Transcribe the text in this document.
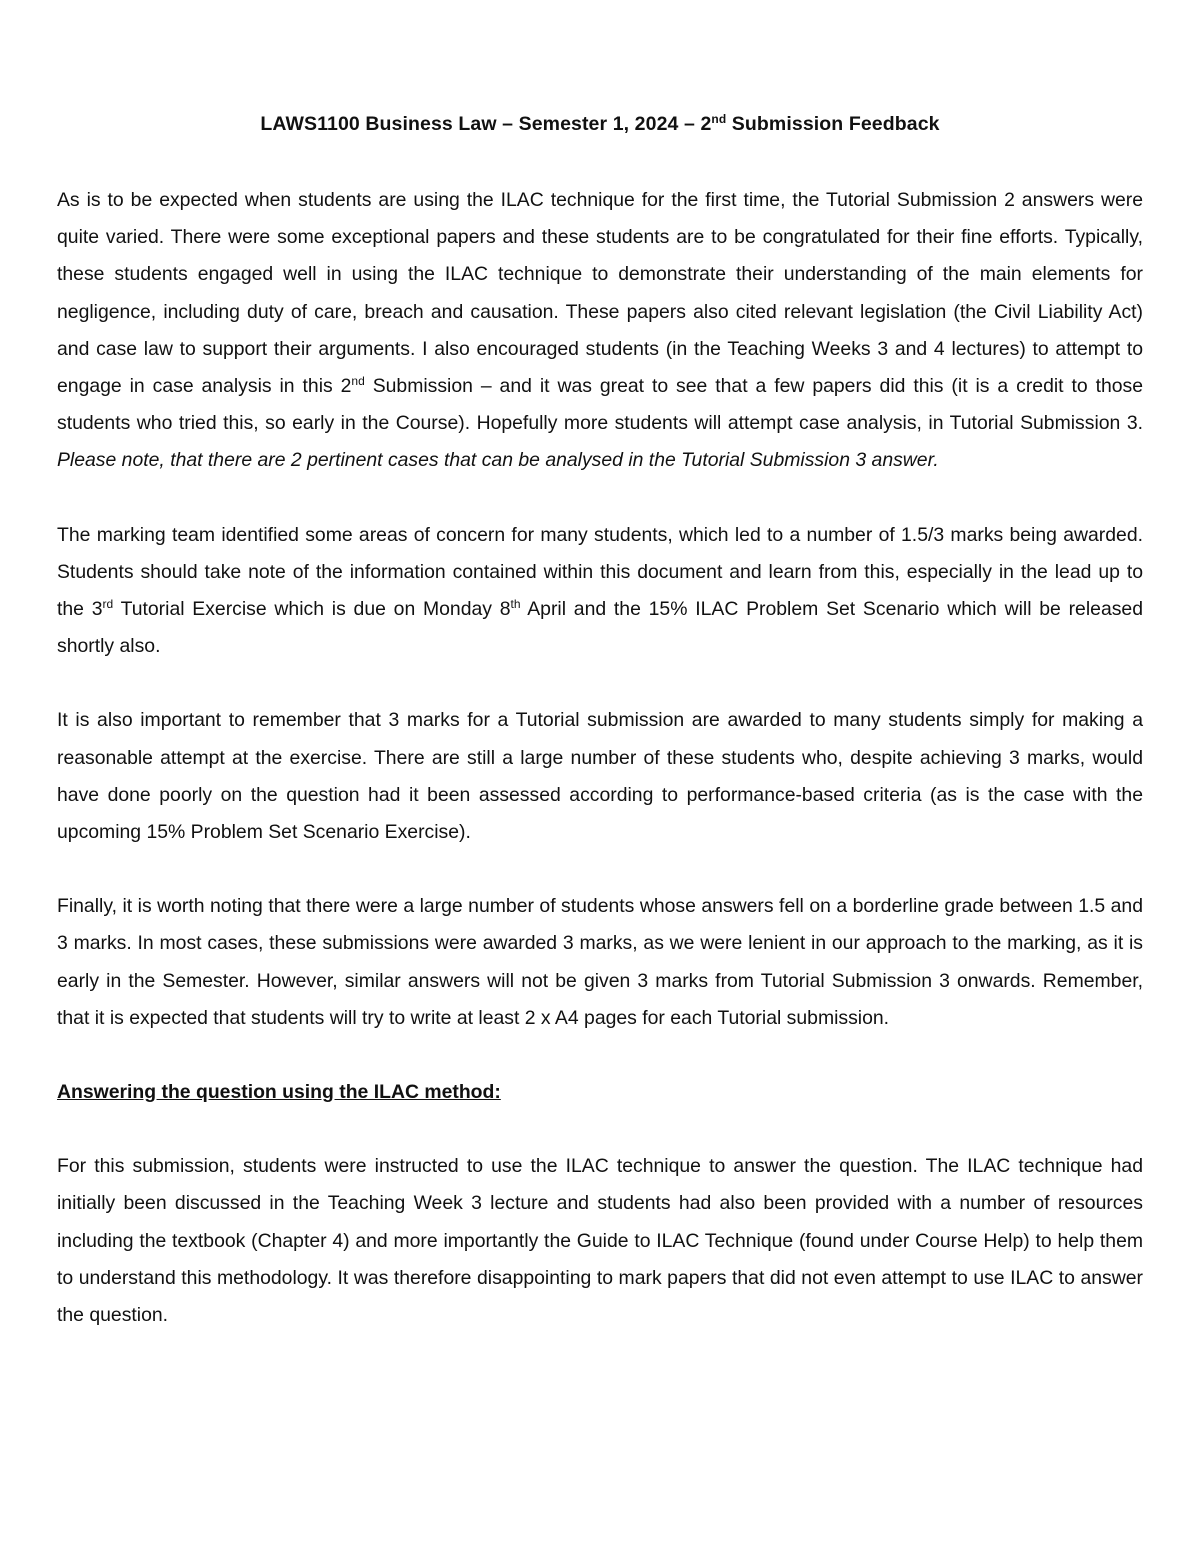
LAWS1100 Business Law – Semester 1, 2024 – 2nd Submission Feedback

As is to be expected when students are using the ILAC technique for the first time, the Tutorial Submission 2 answers were quite varied. There were some exceptional papers and these students are to be congratulated for their fine efforts. Typically, these students engaged well in using the ILAC technique to demonstrate their understanding of the main elements for negligence, including duty of care, breach and causation. These papers also cited relevant legislation (the Civil Liability Act) and case law to support their arguments. I also encouraged students (in the Teaching Weeks 3 and 4 lectures) to attempt to engage in case analysis in this 2nd Submission – and it was great to see that a few papers did this (it is a credit to those students who tried this, so early in the Course). Hopefully more students will attempt case analysis, in Tutorial Submission 3. Please note, that there are 2 pertinent cases that can be analysed in the Tutorial Submission 3 answer.

The marking team identified some areas of concern for many students, which led to a number of 1.5/3 marks being awarded. Students should take note of the information contained within this document and learn from this, especially in the lead up to the 3rd Tutorial Exercise which is due on Monday 8th April and the 15% ILAC Problem Set Scenario which will be released shortly also.

It is also important to remember that 3 marks for a Tutorial submission are awarded to many students simply for making a reasonable attempt at the exercise. There are still a large number of these students who, despite achieving 3 marks, would have done poorly on the question had it been assessed according to performance-based criteria (as is the case with the upcoming 15% Problem Set Scenario Exercise).

Finally, it is worth noting that there were a large number of students whose answers fell on a borderline grade between 1.5 and 3 marks. In most cases, these submissions were awarded 3 marks, as we were lenient in our approach to the marking, as it is early in the Semester. However, similar answers will not be given 3 marks from Tutorial Submission 3 onwards. Remember, that it is expected that students will try to write at least 2 x A4 pages for each Tutorial submission.

Answering the question using the ILAC method:

For this submission, students were instructed to use the ILAC technique to answer the question. The ILAC technique had initially been discussed in the Teaching Week 3 lecture and students had also been provided with a number of resources including the textbook (Chapter 4) and more importantly the Guide to ILAC Technique (found under Course Help) to help them to understand this methodology. It was therefore disappointing to mark papers that did not even attempt to use ILAC to answer the question.
